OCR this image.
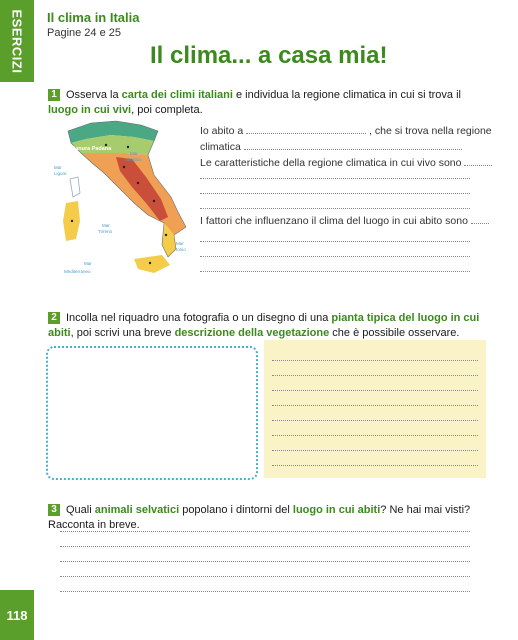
ESERCIZI
118
Il clima in Italia
Pagine 24 e 25
Il clima... a casa mia!
1 Osserva la carta dei climi italiani e individua la regione climatica in cui si trova il luogo in cui vivi, poi completa.
Pianura Padana
Mar
Ligure
Mar
Adriatico
Mar
Tirreno
Mar
Ionio
Mar
Mediterraneo
Io abito a	, che si trova nella regione
climatica
Le caratteristiche della regione climatica in cui vivo sono
I fattori che influenzano il clima del luogo in cui abito sono
2 Incolla nel riquadro una fotografia o un disegno di una pianta tipica del luogo in cui abiti, poi scrivi una breve descrizione della vegetazione che è possibile osservare.
3 Quali animali selvatici popolano i dintorni del luogo in cui abiti? Ne hai mai visti? Racconta in breve.
